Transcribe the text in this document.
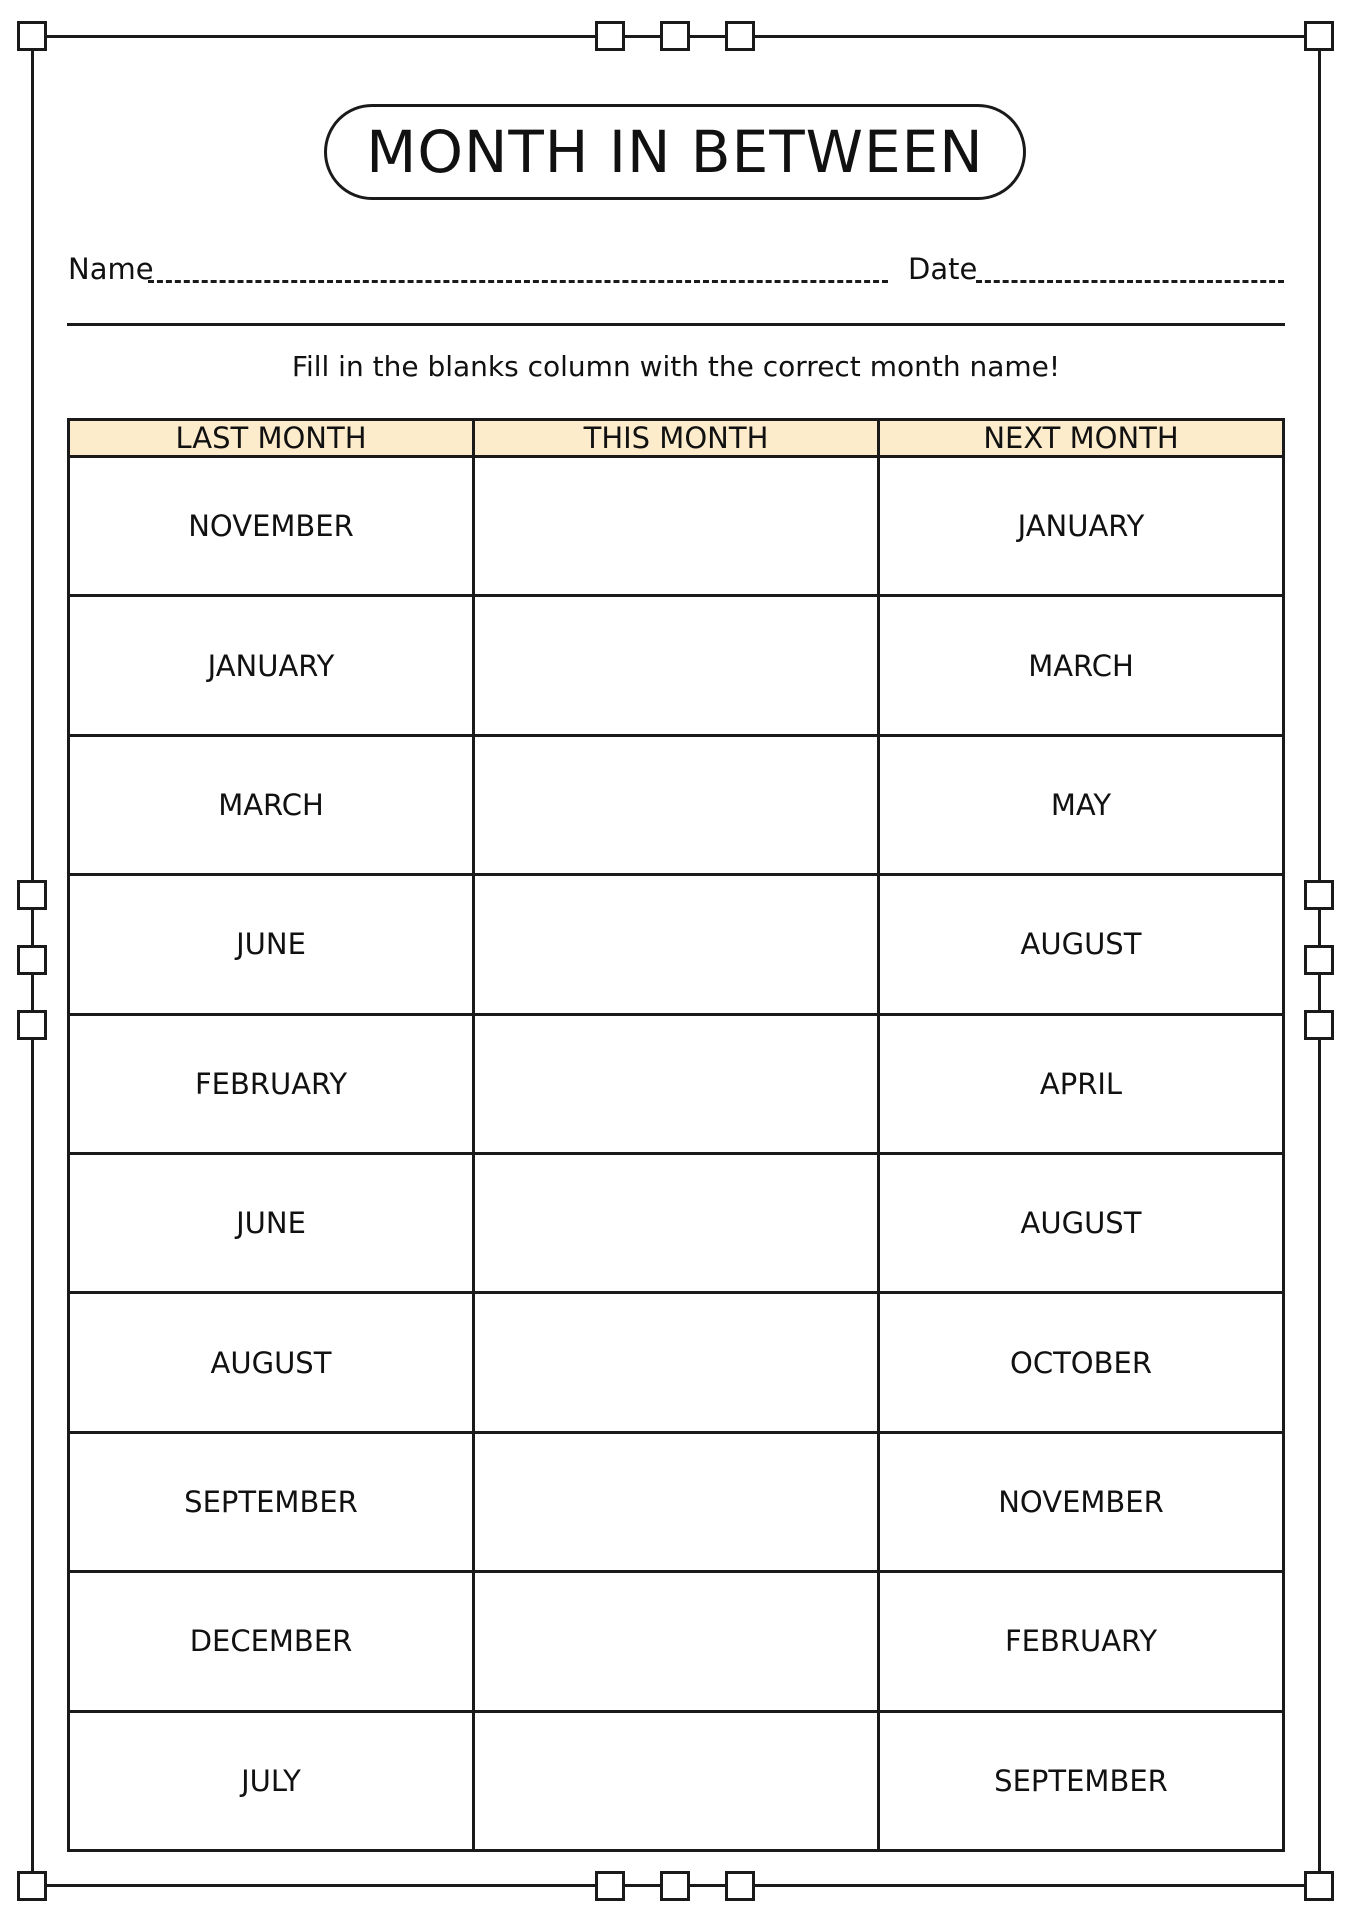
MONTH IN BETWEEN
Name	Date
Fill in the blanks column with the correct month name!
LAST MONTH	THIS MONTH	NEXT MONTH
NOVEMBER		JANUARY
JANUARY		MARCH
MARCH		MAY
JUNE		AUGUST
FEBRUARY		APRIL
JUNE		AUGUST
AUGUST		OCTOBER
SEPTEMBER		NOVEMBER
DECEMBER		FEBRUARY
JULY		SEPTEMBER
